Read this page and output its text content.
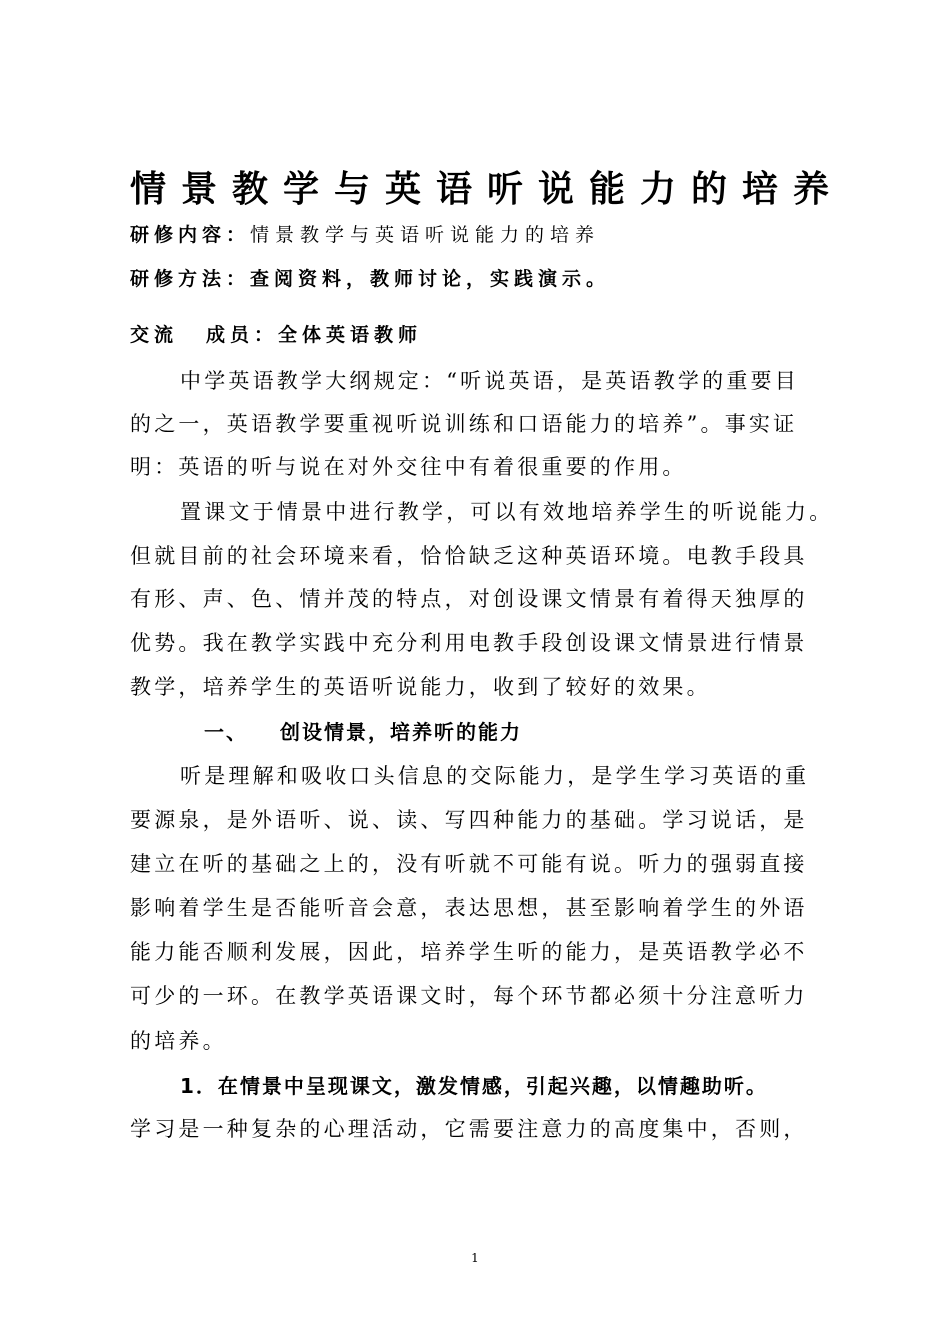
情景教学与英语听说能力的培养
研修内容：情景教学与英语听说能力的培养
研修方法：查阅资料，教师讨论，实践演示。
交流 成员：全体英语教师
中学英语教学大纲规定：“听说英语，是英语教学的重要目
的之一，英语教学要重视听说训练和口语能力的培养”。事实证
明：英语的听与说在对外交往中有着很重要的作用。
置课文于情景中进行教学，可以有效地培养学生的听说能力。
但就目前的社会环境来看，恰恰缺乏这种英语环境。电教手段具
有形、声、色、情并茂的特点，对创设课文情景有着得天独厚的
优势。我在教学实践中充分利用电教手段创设课文情景进行情景
教学，培养学生的英语听说能力，收到了较好的效果。
一、 创设情景，培养听的能力
听是理解和吸收口头信息的交际能力，是学生学习英语的重
要源泉，是外语听、说、读、写四种能力的基础。学习说话，是
建立在听的基础之上的，没有听就不可能有说。听力的强弱直接
影响着学生是否能听音会意，表达思想，甚至影响着学生的外语
能力能否顺利发展，因此，培养学生听的能力，是英语教学必不
可少的一环。在教学英语课文时，每个环节都必须十分注意听力
的培养。
1．在情景中呈现课文，激发情感，引起兴趣，以情趣助听。
学习是一种复杂的心理活动，它需要注意力的高度集中，否则，
1
